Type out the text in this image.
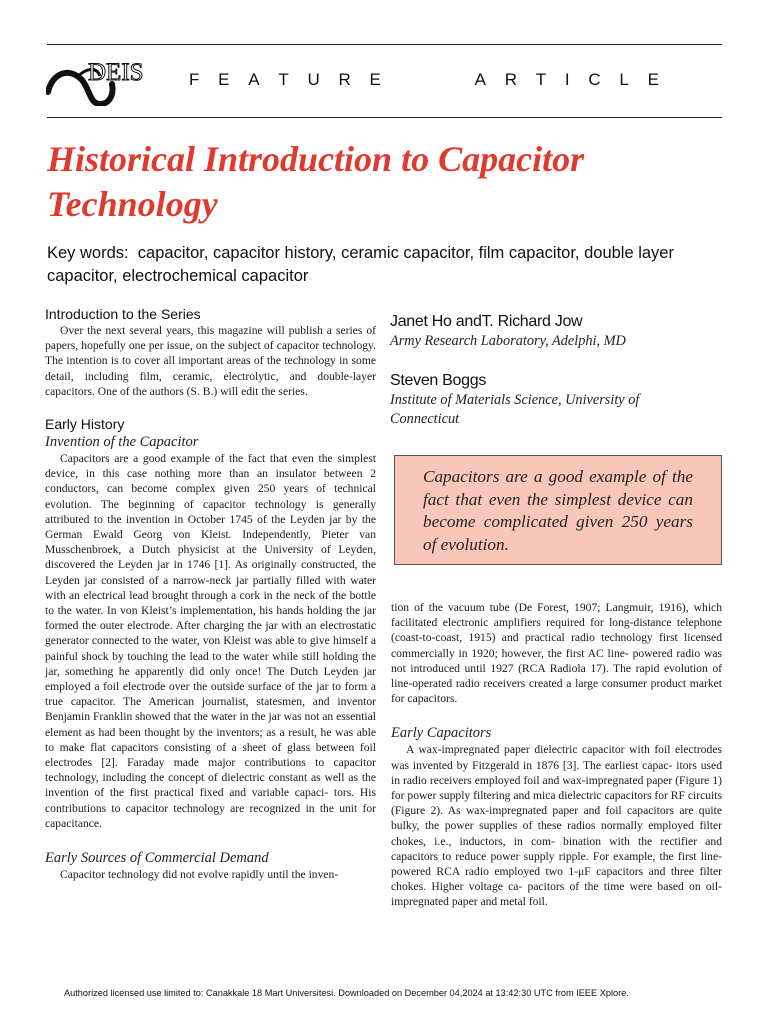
DEIS	F E A T U R E	A R T I C L E
Historical Introduction to Capacitor Technology
Key words: capacitor, capacitor history, ceramic capacitor, film capacitor, double layer capacitor, electrochemical capacitor
Introduction to the Series

Over the next several years, this magazine will publish a series of papers, hopefully one per issue, on the subject of capacitor technology. The intention is to cover all important areas of the technology in some detail, including film, ceramic, electrolytic, and double-layer capacitors. One of the authors (S. B.) will edit the series.

Early History
Invention of the Capacitor

Capacitors are a good example of the fact that even the simplest device, in this case nothing more than an insulator between 2 conductors, can become complex given 250 years of technical evolution. The beginning of capacitor technology is generally attributed to the invention in October 1745 of the Leyden jar by the German Ewald Georg von Kleist. Independently, Pieter van Musschenbroek, a Dutch physicist at the University of Leyden, discovered the Leyden jar in 1746 [1]. As originally constructed, the Leyden jar consisted of a narrow-neck jar partially filled with water with an electrical lead brought through a cork in the neck of the bottle to the water. In von Kleist’s implementation, his hands holding the jar formed the outer electrode. After charging the jar with an electrostatic generator connected to the water, von Kleist was able to give himself a painful shock by touching the lead to the water while still holding the jar, something he apparently did only once! The Dutch Leyden jar employed a foil electrode over the outside surface of the jar to form a true capacitor. The American journalist, statesmen, and inventor Benjamin Franklin showed that the water in the jar was not an essential element as had been thought by the inventors; as a result, he was able to make flat capacitors consisting of a sheet of glass between foil electrodes [2]. Faraday made major contributions to capacitor technology, including the concept of dielectric constant as well as the invention of the first practical fixed and variable capaci- tors. His contributions to capacitor technology are recognized in the unit for capacitance.

Early Sources of Commercial Demand

Capacitor technology did not evolve rapidly until the inven-

Janet Ho andT. Richard Jow

Army Research Laboratory, Adelphi, MD

Steven Boggs

Institute of Materials Science, University of Connecticut

Capacitors are a good example of the fact that even the simplest device can become complicated given 250 years of evolution.

tion of the vacuum tube (De Forest, 1907; Langmuir, 1916), which facilitated electronic amplifiers required for long-distance telephone (coast-to-coast, 1915) and practical radio technology first licensed commercially in 1920; however, the first AC line- powered radio was not introduced until 1927 (RCA Radiola 17). The rapid evolution of line-operated radio receivers created a large consumer product market for capacitors.

Early Capacitors

A wax-impregnated paper dielectric capacitor with foil electrodes was invented by Fitzgerald in 1876 [3]. The earliest capac- itors used in radio receivers employed foil and wax-impregnated paper (Figure 1) for power supply filtering and mica dielectric capacitors for RF circuits (Figure 2). As wax-impregnated paper and foil capacitors are quite bulky, the power supplies of these radios normally employed filter chokes, i.e., inductors, in com- bination with the rectifier and capacitors to reduce power supply ripple. For example, the first line-powered RCA radio employed two 1-μF capacitors and three filter chokes. Higher voltage ca- pacitors of the time were based on oil-impregnated paper and metal foil.

Authorized licensed use limited to: Canakkale 18 Mart Universitesi. Downloaded on December 04,2024 at 13:42:30 UTC from IEEE Xplore.
